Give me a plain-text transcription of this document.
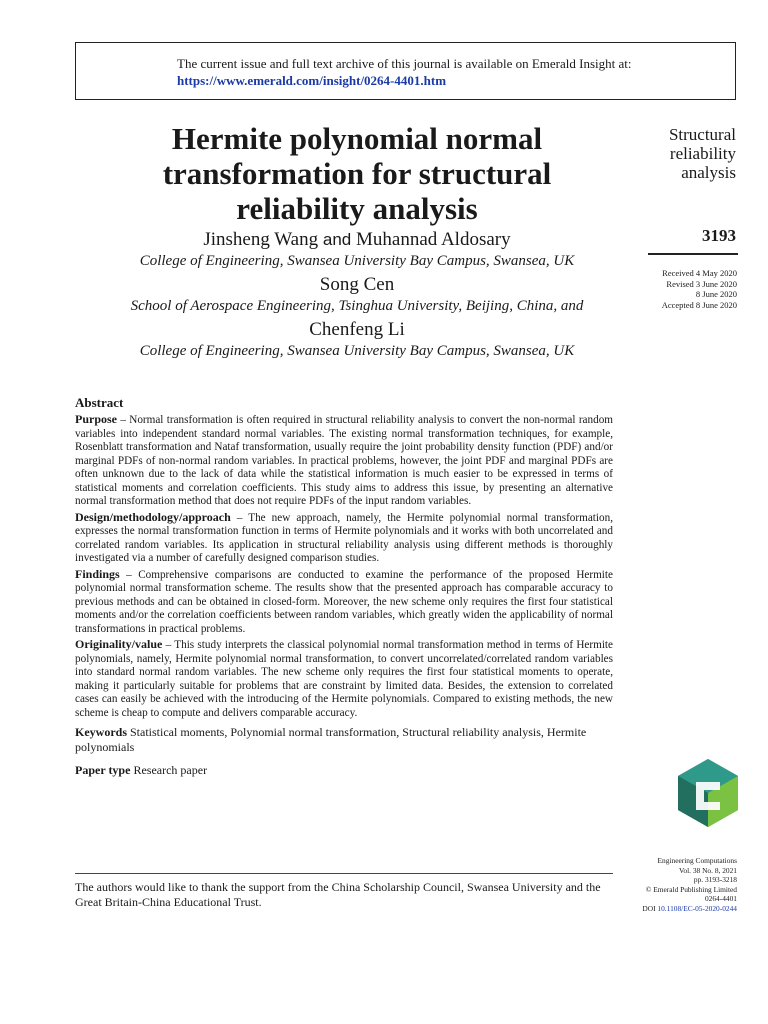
The current issue and full text archive of this journal is available on Emerald Insight at:
https://www.emerald.com/insight/0264-4401.htm
Hermite polynomial normal
transformation for structural
reliability analysis
Jinsheng Wang and Muhannad Aldosary
College of Engineering, Swansea University Bay Campus, Swansea, UK
Song Cen
School of Aerospace Engineering, Tsinghua University, Beijing, China, and
Chenfeng Li
College of Engineering, Swansea University Bay Campus, Swansea, UK
Structural
reliability
analysis
3193
Received 4 May 2020
Revised 3 June 2020
8 June 2020
Accepted 8 June 2020
Abstract

Purpose – Normal transformation is often required in structural reliability analysis to convert the non-normal random variables into independent standard normal variables. The existing normal transformation techniques, for example, Rosenblatt transformation and Nataf transformation, usually require the joint probability density function (PDF) and/or marginal PDFs of non-normal random variables. In practical problems, however, the joint PDF and marginal PDFs are often unknown due to the lack of data while the statistical information is much easier to be expressed in terms of statistical moments and correlation coefficients. This study aims to address this issue, by presenting an alternative normal transformation method that does not require PDFs of the input random variables.

Design/methodology/approach – The new approach, namely, the Hermite polynomial normal transformation, expresses the normal transformation function in terms of Hermite polynomials and it works with both uncorrelated and correlated random variables. Its application in structural reliability analysis using different methods is thoroughly investigated via a number of carefully designed comparison studies.

Findings – Comprehensive comparisons are conducted to examine the performance of the proposed Hermite polynomial normal transformation scheme. The results show that the presented approach has comparable accuracy to previous methods and can be obtained in closed-form. Moreover, the new scheme only requires the first four statistical moments and/or the correlation coefficients between random variables, which greatly widen the applicability of normal transformations in practical problems.

Originality/value – This study interprets the classical polynomial normal transformation method in terms of Hermite polynomials, namely, Hermite polynomial normal transformation, to convert uncorrelated/correlated random variables into standard normal random variables. The new scheme only requires the first four statistical moments to operate, making it particularly suitable for problems that are constraint by limited data. Besides, the extension to correlated cases can easily be achieved with the introducing of the Hermite polynomials. Compared to existing methods, the new scheme is cheap to compute and delivers comparable accuracy.

Keywords Statistical moments, Polynomial normal transformation, Structural reliability analysis, Hermite polynomials
Paper type Research paper
The authors would like to thank the support from the China Scholarship Council, Swansea University and the Great Britain-China Educational Trust.
Engineering Computations
Vol. 38 No. 8, 2021
pp. 3193-3218
© Emerald Publishing Limited
0264-4401
DOI 10.1108/EC-05-2020-0244
